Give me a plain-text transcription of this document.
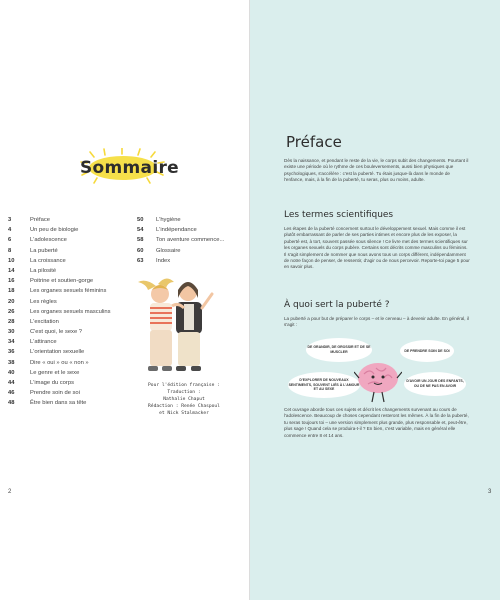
Sommaire
3	Préface
4	Un peu de biologie
6	L'adolescence
8	La puberté
10	La croissance
14	La pilosité
16	Poitrine et soutien-gorge
18	Les organes sexuels féminins
20	Les règles
26	Les organes sexuels masculins
28	L'excitation
30	C'est quoi, le sexe ?
34	L'attirance
36	L'orientation sexuelle
38	Dire « oui » ou « non »
40	Le genre et le sexe
44	L'image du corps
46	Prendre soin de soi
48	Être bien dans sa tête
50	L'hygiène
54	L'indépendance
58	Ton aventure commence...
60	Glossaire
63	Index
Pour l'édition française :
Traduction :
Nathalie Chaput
Rédaction : Renée Chaspoul
et Nick Stalmacker
2
Préface
Dès la naissance, et pendant le reste de la vie, le corps subit des changements. Pourtant il existe une période où le rythme de ces bouleversements, aussi bien physiques que psychologiques, s'accélère : c'est la puberté. Tu étais jusque-là dans le monde de l'enfance, mais, à la fin de la puberté, tu seras, plus ou moins, adulte.
Les termes scientifiques
Les étapes de la puberté concernent surtout le développement sexuel. Mais comme il est plutôt embarrassant de parler de ses parties intimes et encore plus de les exposer, la puberté est, à tort, souvent passée sous silence ! Ce livre met des termes scientifiques sur les organes sexuels du corps pubère. Certains sont décrits comme masculins ou féminins. Il s'agit simplement de nommer que nous avons tous un corps différent, indépendamment de notre façon de penser, de ressentir, d'agir ou de nous percevoir. Reporte-toi page 5 pour en savoir plus.
À quoi sert la puberté ?
La puberté a pour but de préparer le corps – et le cerveau – à devenir adulte. En général, il s'agit :
DE GRANDIR, DE GROSSIR ET DE SE MUSCLER	DE PRENDRE SOIN DE SOI
D'EXPLORER DE NOUVEAUX SENTIMENTS, SOUVENT LIÉS À L'AMOUR ET AU SEXE
D'AVOIR UN JOUR DES ENFANTS, OU DE NE PAS EN AVOIR
Cet ouvrage aborde tous ces sujets et décrit les changements survenant au cours de l'adolescence. Beaucoup de choses cependant resteront les mêmes. À la fin de la puberté, tu seras toujours toi – une version simplement plus grande, plus responsable et, peut-être, plus sage ! Quand cela se produira-t-il ? En bien, c'est variable, mais en général elle commence entre 8 et 14 ans.
3
